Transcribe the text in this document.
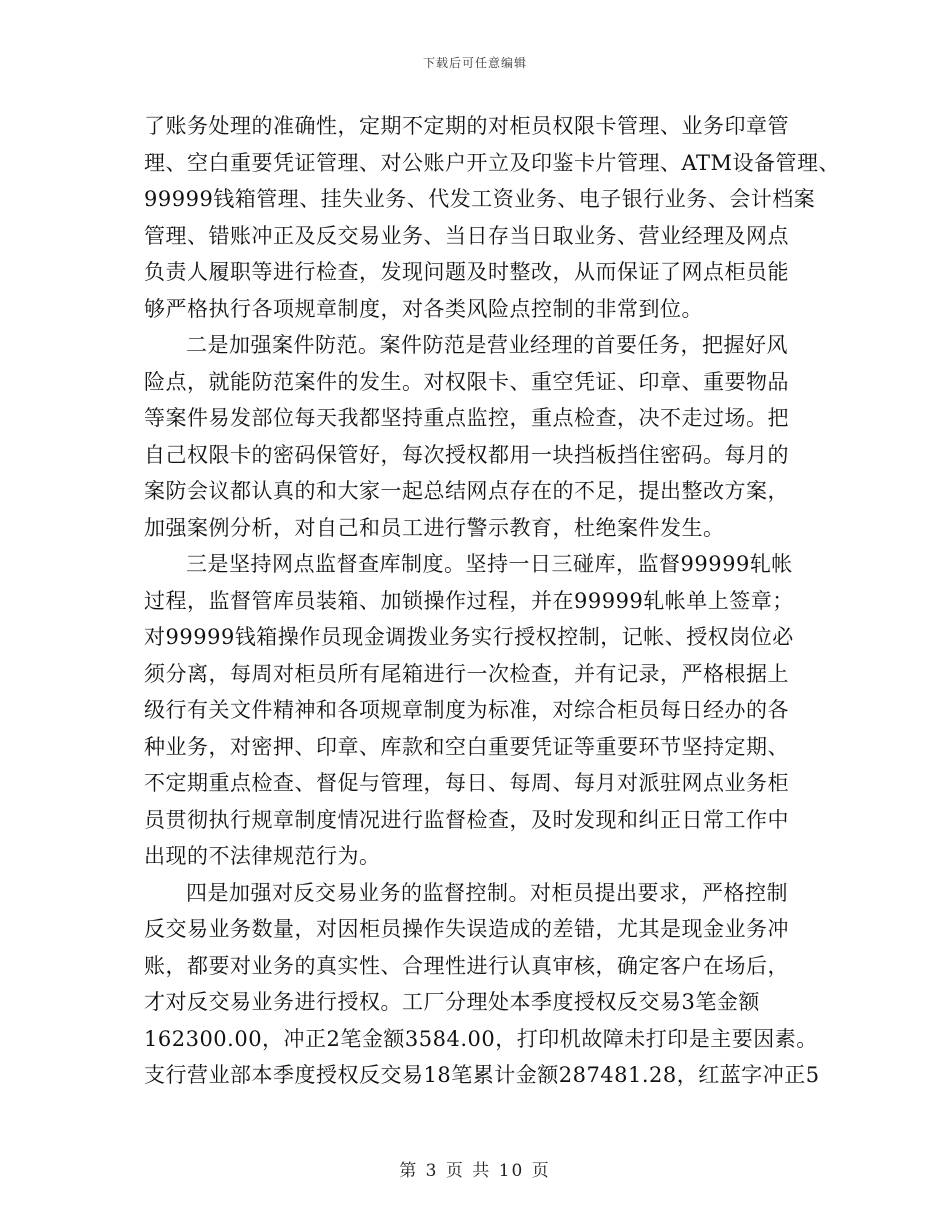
下载后可任意编辑
了账务处理的准确性，定期不定期的对柜员权限卡管理、业务印章管
理、空白重要凭证管理、对公账户开立及印鉴卡片管理、ATM设备管理、
99999钱箱管理、挂失业务、代发工资业务、电子银行业务、会计档案
管理、错账冲正及反交易业务、当日存当日取业务、营业经理及网点
负责人履职等进行检查，发现问题及时整改，从而保证了网点柜员能
够严格执行各项规章制度，对各类风险点控制的非常到位。
二是加强案件防范。案件防范是营业经理的首要任务，把握好风
险点，就能防范案件的发生。对权限卡、重空凭证、印章、重要物品
等案件易发部位每天我都坚持重点监控，重点检查，决不走过场。把
自己权限卡的密码保管好，每次授权都用一块挡板挡住密码。每月的
案防会议都认真的和大家一起总结网点存在的不足，提出整改方案，
加强案例分析，对自己和员工进行警示教育，杜绝案件发生。
三是坚持网点监督查库制度。坚持一日三碰库，监督99999轧帐
过程，监督管库员装箱、加锁操作过程，并在99999轧帐单上签章；
对99999钱箱操作员现金调拨业务实行授权控制，记帐、授权岗位必
须分离，每周对柜员所有尾箱进行一次检查，并有记录，严格根据上
级行有关文件精神和各项规章制度为标准，对综合柜员每日经办的各
种业务，对密押、印章、库款和空白重要凭证等重要环节坚持定期、
不定期重点检查、督促与管理，每日、每周、每月对派驻网点业务柜
员贯彻执行规章制度情况进行监督检查，及时发现和纠正日常工作中
出现的不法律规范行为。
四是加强对反交易业务的监督控制。对柜员提出要求，严格控制
反交易业务数量，对因柜员操作失误造成的差错，尤其是现金业务冲
账，都要对业务的真实性、合理性进行认真审核，确定客户在场后，
才对反交易业务进行授权。工厂分理处本季度授权反交易3笔金额
162300.00，冲正2笔金额3584.00，打印机故障未打印是主要因素。
支行营业部本季度授权反交易18笔累计金额287481.28，红蓝字冲正5
第 3 页 共 10 页
